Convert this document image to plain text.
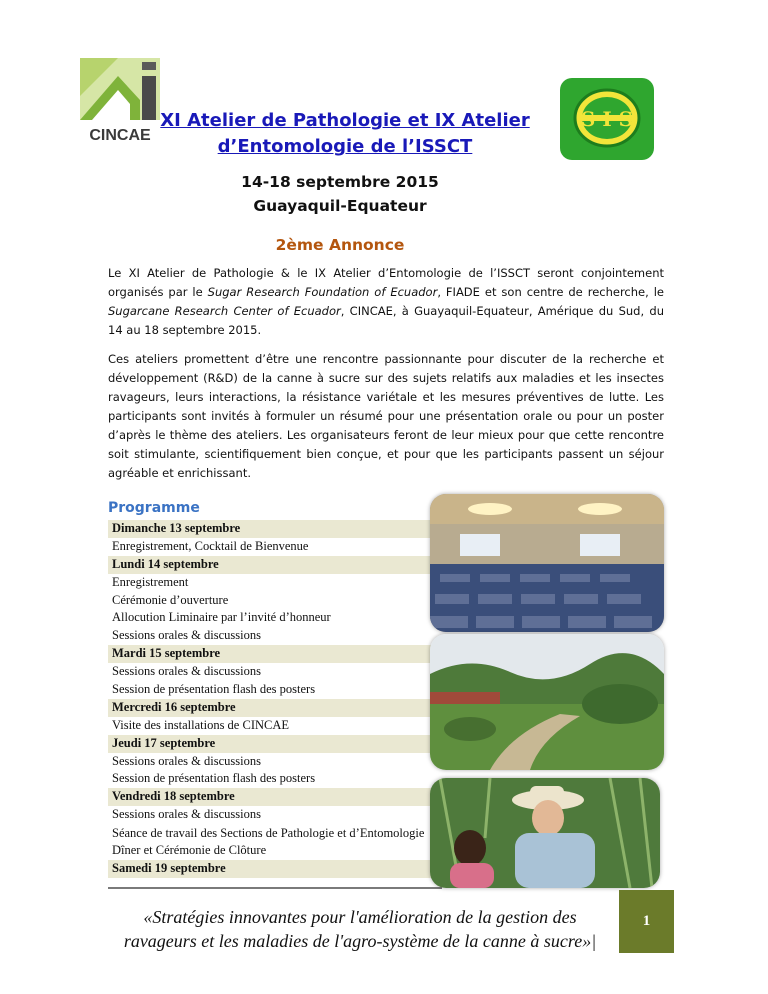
CINCAE
S I S
XI Atelier de Pathologie et IX Atelier
d’Entomologie de l’ISSCT
14-18 septembre 2015
Guayaquil-Equateur
2ème Annonce
Le XI Atelier de Pathologie & le IX Atelier d’Entomologie de l’ISSCT seront conjointement organisés par le Sugar Research Foundation of Ecuador, FIADE et son centre de recherche, le Sugarcane Research Center of Ecuador, CINCAE, à Guayaquil-Equateur, Amérique du Sud, du 14 au 18 septembre 2015.
Ces ateliers promettent d’être une rencontre passionnante pour discuter de la recherche et développement (R&D) de la canne à sucre sur des sujets relatifs aux maladies et les insectes ravageurs, leurs interactions, la résistance variétale et les mesures préventives de lutte. Les participants sont invités à formuler un résumé pour une présentation orale ou pour un poster d’après le thème des ateliers. Les organisateurs feront de leur mieux pour que cette rencontre soit stimulante, scientifiquement bien conçue, et pour que les participants passent un séjour agréable et enrichissant.
Programme
Dimanche 13 septembre
Enregistrement, Cocktail de Bienvenue
Lundi 14 septembre
Enregistrement
Cérémonie d’ouverture
Allocution Liminaire par l’invité d’honneur
Sessions orales & discussions
Mardi 15 septembre
Sessions orales & discussions
Session de présentation flash des posters
Mercredi 16 septembre
Visite des installations de CINCAE
Jeudi 17 septembre
Sessions orales & discussions
Session de présentation flash des posters
Vendredi 18 septembre
Sessions orales & discussions
Séance de travail des Sections de Pathologie et d’Entomologie
Dîner et Cérémonie de Clôture
Samedi 19 septembre
«Stratégies innovantes pour l'amélioration de la gestion des
ravageurs et les maladies de l'agro-système de la canne à sucre»|
1
